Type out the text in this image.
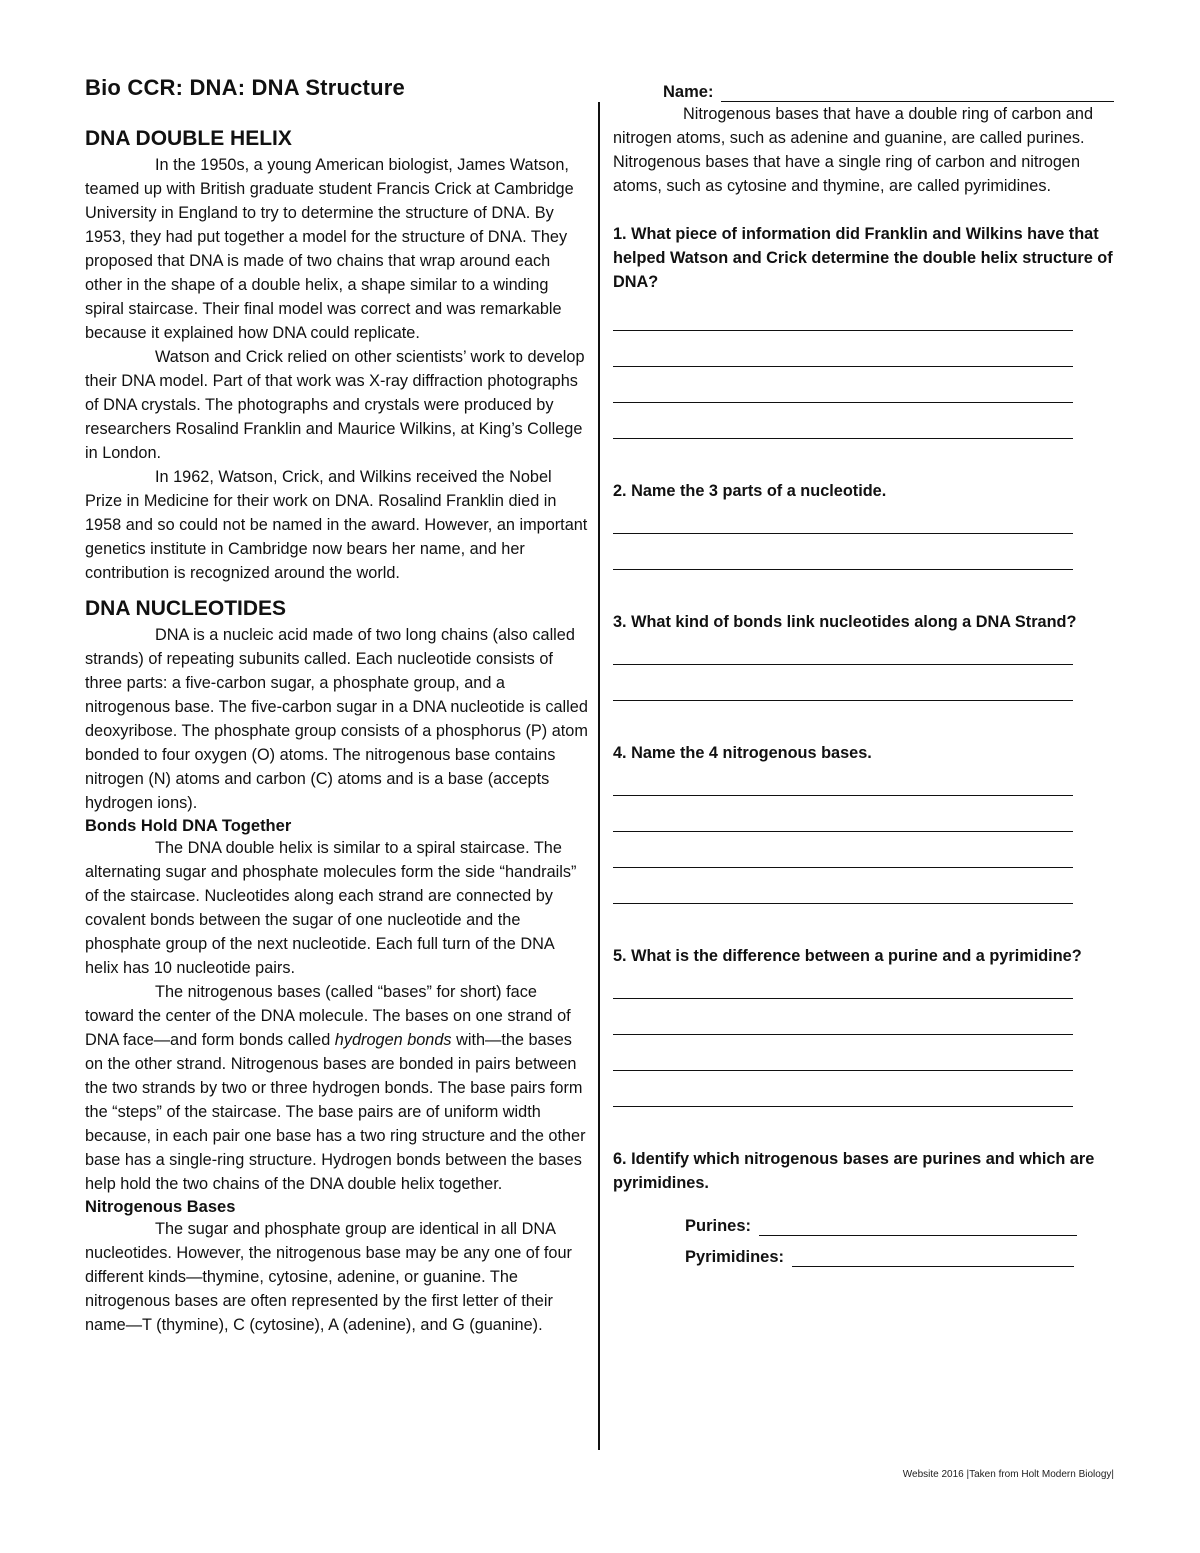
Bio CCR: DNA: DNA Structure
DNA DOUBLE HELIX

In the 1950s, a young American biologist, James Watson, teamed up with British graduate student Francis Crick at Cambridge University in England to try to determine the structure of DNA. By 1953, they had put together a model for the structure of DNA. They proposed that DNA is made of two chains that wrap around each other in the shape of a double helix, a shape similar to a winding spiral staircase. Their final model was correct and was remarkable because it explained how DNA could replicate.

Watson and Crick relied on other scientists’ work to develop their DNA model. Part of that work was X-ray diffraction photographs of DNA crystals. The photographs and crystals were produced by researchers Rosalind Franklin and Maurice Wilkins, at King’s College in London.

In 1962, Watson, Crick, and Wilkins received the Nobel Prize in Medicine for their work on DNA. Rosalind Franklin died in 1958 and so could not be named in the award. However, an important genetics institute in Cambridge now bears her name, and her contribution is recognized around the world.

DNA NUCLEOTIDES

DNA is a nucleic acid made of two long chains (also called strands) of repeating subunits called. Each nucleotide consists of three parts: a five-carbon sugar, a phosphate group, and a nitrogenous base. The five-carbon sugar in a DNA nucleotide is called deoxyribose. The phosphate group consists of a phosphorus (P) atom bonded to four oxygen (O) atoms. The nitrogenous base contains nitrogen (N) atoms and carbon (C) atoms and is a base (accepts hydrogen ions).

Bonds Hold DNA Together

The DNA double helix is similar to a spiral staircase. The alternating sugar and phosphate molecules form the side “handrails” of the staircase. Nucleotides along each strand are connected by covalent bonds between the sugar of one nucleotide and the phosphate group of the next nucleotide. Each full turn of the DNA helix has 10 nucleotide pairs.

The nitrogenous bases (called “bases” for short) face toward the center of the DNA molecule. The bases on one strand of DNA face—and form bonds called hydrogen bonds with—the bases on the other strand. Nitrogenous bases are bonded in pairs between the two strands by two or three hydrogen bonds. The base pairs form the “steps” of the staircase. The base pairs are of uniform width because, in each pair one base has a two ring structure and the other base has a single-ring structure. Hydrogen bonds between the bases help hold the two chains of the DNA double helix together.

Nitrogenous Bases

The sugar and phosphate group are identical in all DNA nucleotides. However, the nitrogenous base may be any one of four different kinds—thymine, cytosine, adenine, or guanine. The nitrogenous bases are often represented by the first letter of their name—T (thymine), C (cytosine), A (adenine), and G (guanine).

Name:

Nitrogenous bases that have a double ring of carbon and nitrogen atoms, such as adenine and guanine, are called purines. Nitrogenous bases that have a single ring of carbon and nitrogen atoms, such as cytosine and thymine, are called pyrimidines.

1. What piece of information did Franklin and Wilkins have that helped Watson and Crick determine the double helix structure of DNA?

2. Name the 3 parts of a nucleotide.

3. What kind of bonds link nucleotides along a DNA Strand?

4. Name the 4 nitrogenous bases.

5. What is the difference between a purine and a pyrimidine?

6. Identify which nitrogenous bases are purines and which are pyrimidines.

Purines:
Pyrimidines:
Website 2016 |Taken from Holt Modern Biology|
